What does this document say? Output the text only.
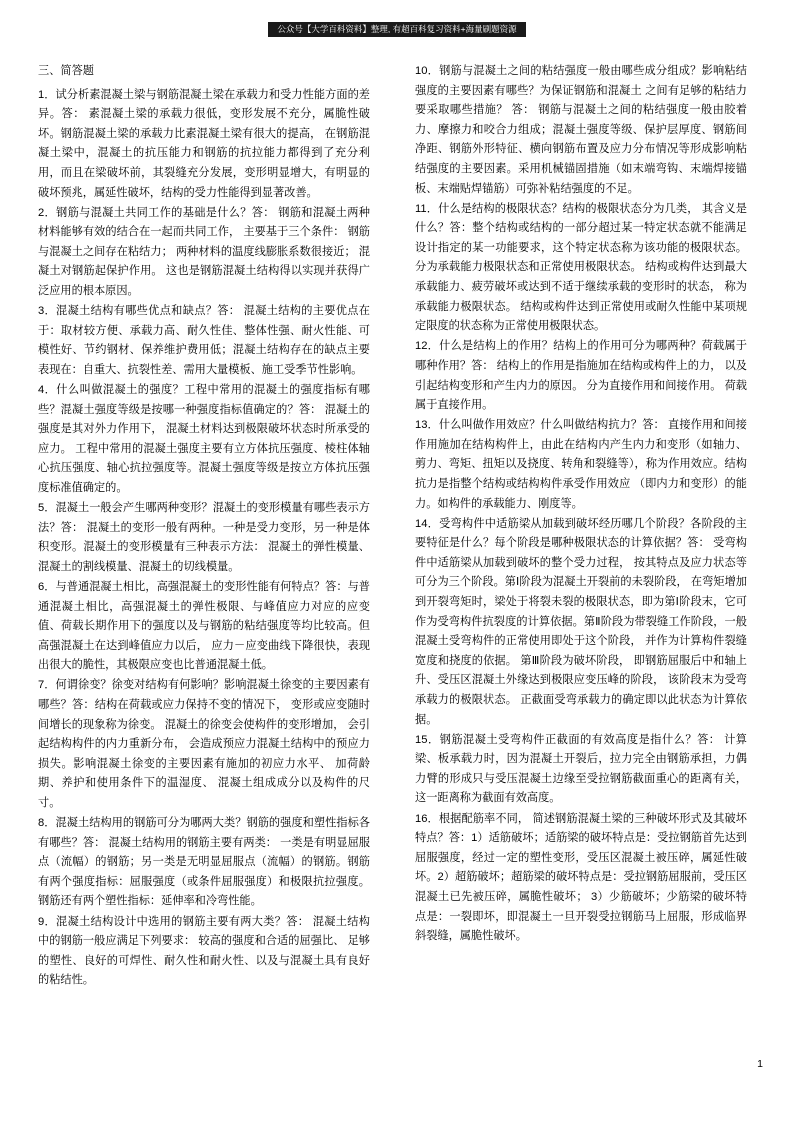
公众号【大学百科资料】整理, 有超百科复习资料+海量刷题资源
三、简答题

1．试分析素混凝土梁与钢筋混凝土梁在承载力和受力性能方面的差异。答： 素混凝土梁的承载力很低，变形发展不充分，属脆性破坏。钢筋混凝土梁的承载力比素混凝土梁有很大的提高， 在钢筋混凝土梁中，混凝土的抗压能力和钢筋的抗拉能力都得到了充分利用，而且在梁破坏前，其裂缝充分发展，变形明显增大，有明显的破坏预兆，属延性破坏，结构的受力性能得到显著改善。

2．钢筋与混凝土共同工作的基础是什么？答： 钢筋和混凝土两种材料能够有效的结合在一起而共同工作， 主要基于三个条件： 钢筋与混凝土之间存在粘结力； 两种材料的温度线膨胀系数很接近； 混凝土对钢筋起保护作用。 这也是钢筋混凝土结构得以实现并获得广泛应用的根本原因。

3．混凝土结构有哪些优点和缺点？答： 混凝土结构的主要优点在于：取材较方便、承载力高、耐久性佳、整体性强、耐火性能、可模性好、节约钢材、保养维护费用低；混凝土结构存在的缺点主要表现在：自重大、抗裂性差、需用大量模板、施工受季节性影响。

4．什么叫做混凝土的强度？工程中常用的混凝土的强度指标有哪些？混凝土强度等级是按哪一种强度指标值确定的？答： 混凝土的强度是其对外力作用下， 混凝土材料达到极限破坏状态时所承受的应力。 工程中常用的混凝土强度主要有立方体抗压强度、棱柱体轴心抗压强度、轴心抗拉强度等。混凝土强度等级是按立方体抗压强度标准值确定的。

5．混凝土一般会产生哪两种变形？混凝土的变形模量有哪些表示方法？答： 混凝土的变形一般有两种。一种是受力变形，另一种是体积变形。混凝土的变形模量有三种表示方法： 混凝土的弹性模量、混凝土的割线模量、混凝土的切线模量。

6．与普通混凝土相比，高强混凝土的变形性能有何特点？答：与普通混凝土相比，高强混凝土的弹性极限、与峰值应力对应的应变值、荷载长期作用下的强度以及与钢筋的粘结强度等均比较高。但高强混凝土在达到峰值应力以后， 应力－应变曲线下降很快，表现出很大的脆性，其极限应变也比普通混凝土低。

7．何谓徐变？徐变对结构有何影响？影响混凝土徐变的主要因素有哪些？答：结构在荷载或应力保持不变的情况下， 变形或应变随时间增长的现象称为徐变。 混凝土的徐变会使构件的变形增加， 会引起结构构件的内力重新分布， 会造成预应力混凝土结构中的预应力损失。影响混凝土徐变的主要因素有施加的初应力水平、 加荷龄期、养护和使用条件下的温湿度、 混凝土组成成分以及构件的尺寸。

8．混凝土结构用的钢筋可分为哪两大类？钢筋的强度和塑性指标各有哪些？答： 混凝土结构用的钢筋主要有两类： 一类是有明显屈服点（流幅）的钢筋；另一类是无明显屈服点（流幅）的钢筋。钢筋有两个强度指标：屈服强度（或条件屈服强度）和极限抗拉强度。钢筋还有两个塑性指标：延伸率和冷弯性能。

9．混凝土结构设计中选用的钢筋主要有两大类？答： 混凝土结构中的钢筋一般应满足下列要求： 较高的强度和合适的屈强比、 足够的塑性、良好的可焊性、耐久性和耐火性、以及与混凝土具有良好的粘结性。

10．钢筋与混凝土之间的粘结强度一般由哪些成分组成？影响粘结强度的主要因素有哪些？为保证钢筋和混凝土 之间有足够的粘结力要采取哪些措施？ 答： 钢筋与混凝土之间的粘结强度一般由胶着力、摩擦力和咬合力组成；混凝土强度等级、保护层厚度、钢筋间净距、钢筋外形特征、横向钢筋布置及应力分布情况等形成影响粘结强度的主要因素。采用机械锚固措施（如末端弯钩、末端焊接锚板、末端贴焊锚筋）可弥补粘结强度的不足。

11．什么是结构的极限状态？结构的极限状态分为几类， 其含义是什么？答：整个结构或结构的一部分超过某一特定状态就不能满足设计指定的某一功能要求，这个特定状态称为该功能的极限状态。分为承载能力极限状态和正常使用极限状态。 结构或构件达到最大承载能力、疲劳破坏或达到不适于继续承载的变形时的状态， 称为承载能力极限状态。 结构或构件达到正常使用或耐久性能中某项规定限度的状态称为正常使用极限状态。

12．什么是结构上的作用？结构上的作用可分为哪两种？荷载属于哪种作用？答： 结构上的作用是指施加在结构或构件上的力， 以及引起结构变形和产生内力的原因。 分为直接作用和间接作用。 荷载属于直接作用。

13．什么叫做作用效应？什么叫做结构抗力？答： 直接作用和间接作用施加在结构构件上，由此在结构内产生内力和变形（如轴力、剪力、弯矩、扭矩以及挠度、转角和裂缝等），称为作用效应。结构抗力是指整个结构或结构构件承受作用效应 （即内力和变形）的能力。如构件的承载能力、刚度等。

14．受弯构件中适筋梁从加载到破坏经历哪几个阶段？各阶段的主要特征是什么？每个阶段是哪种极限状态的计算依据？答： 受弯构件中适筋梁从加载到破坏的整个受力过程， 按其特点及应力状态等可分为三个阶段。第Ⅰ阶段为混凝土开裂前的未裂阶段， 在弯矩增加到开裂弯矩时，梁处于将裂未裂的极限状态，即为第Ⅰ阶段末，它可作为受弯构件抗裂度的计算依据。第Ⅱ阶段为带裂缝工作阶段，一般混凝土受弯构件的正常使用即处于这个阶段， 并作为计算构件裂缝宽度和挠度的依据。 第Ⅲ阶段为破坏阶段， 即钢筋屈服后中和轴上升、受压区混凝土外缘达到极限应变压峰的阶段， 该阶段末为受弯承载力的极限状态。 正截面受弯承载力的确定即以此状态为计算依据。

15．钢筋混凝土受弯构件正截面的有效高度是指什么？答： 计算梁、板承载力时，因为混凝土开裂后，拉力完全由钢筋承担，力偶力臂的形成只与受压混凝土边缘至受拉钢筋截面重心的距离有关， 这一距离称为截面有效高度。

16．根据配筋率不同， 简述钢筋混凝土梁的三种破坏形式及其破坏特点？答：1）适筋破坏；适筋梁的破坏特点是：受拉钢筋首先达到屈服强度，经过一定的塑性变形，受压区混凝土被压碎，属延性破坏。2）超筋破坏；超筋梁的破坏特点是：受拉钢筋屈服前，受压区混凝土已先被压碎，属脆性破坏； 3）少筋破坏；少筋梁的破坏特点是：一裂即坏，即混凝土一旦开裂受拉钢筋马上屈服，形成临界斜裂缝，属脆性破坏。

1
